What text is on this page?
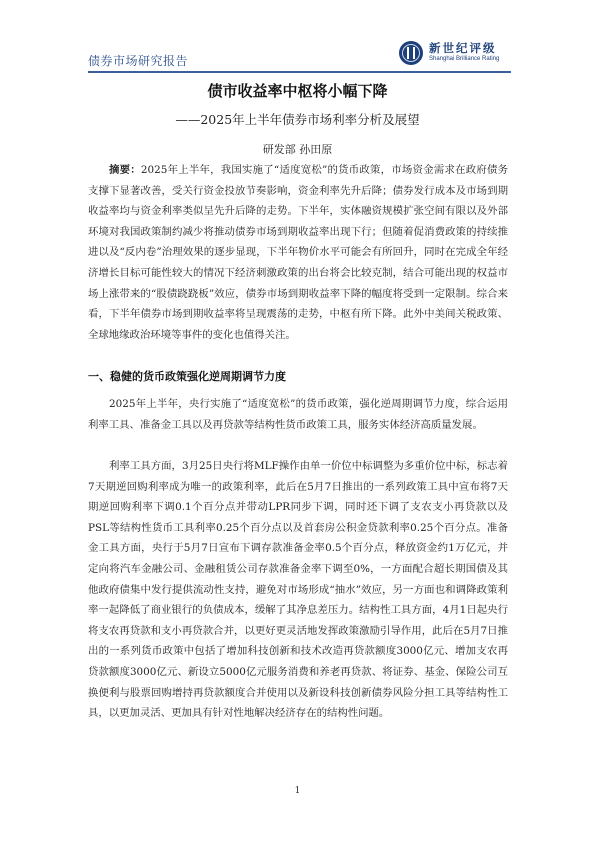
债券市场研究报告
新世纪评级
Shanghai Brilliance Rating
债市收益率中枢将小幅下降
——2025年上半年债券市场利率分析及展望
研发部 孙田原

摘要：2025年上半年，我国实施了“适度宽松”的货币政策，市场资金需求在政府债务支撑下显著改善，受关行资金投放节奏影响，资金利率先升后降；债券发行成本及市场到期收益率均与资金利率类似呈先升后降的走势。下半年，实体融资规模扩张空间有限以及外部环境对我国政策制约减少将推动债券市场到期收益率出现下行；但随着促消费政策的持续推进以及“反内卷”治理效果的逐步显现，下半年物价水平可能会有所回升，同时在完成全年经济增长目标可能性较大的情况下经济刺激政策的出台将会比较克制，结合可能出现的权益市场上涨带来的“股债跷跷板”效应，债券市场到期收益率下降的幅度将受到一定限制。综合来看，下半年债券市场到期收益率将呈现震荡的走势，中枢有所下降。此外中美间关税政策、全球地缘政治环境等事件的变化也值得关注。

一、稳健的货币政策强化逆周期调节力度

2025年上半年，央行实施了“适度宽松”的货币政策，强化逆周期调节力度，综合运用利率工具、准备金工具以及再贷款等结构性货币政策工具，服务实体经济高质量发展。

利率工具方面，3月25日央行将MLF操作由单一价位中标调整为多重价位中标，标志着7天期逆回购利率成为唯一的政策利率，此后在5月7日推出的一系列政策工具中宣布将7天期逆回购利率下调0.1个百分点并带动LPR同步下调，同时还下调了支农支小再贷款以及PSL等结构性货币工具利率0.25个百分点以及首套房公积金贷款利率0.25个百分点。准备金工具方面，央行于5月7日宣布下调存款准备金率0.5个百分点，释放资金约1万亿元，并定向将汽车金融公司、金融租赁公司存款准备金率下调至0%，一方面配合超长期国债及其他政府债集中发行提供流动性支持，避免对市场形成“抽水”效应，另一方面也和调降政策利率一起降低了商业银行的负债成本，缓解了其净息差压力。结构性工具方面，4月1日起央行将支农再贷款和支小再贷款合并，以更好更灵活地发挥政策激励引导作用，此后在5月7日推出的一系列货币政策中包括了增加科技创新和技术改造再贷款额度3000亿元、增加支农再贷款额度3000亿元、新设立5000亿元服务消费和养老再贷款、将证券、基金、保险公司互换便利与股票回购增持再贷款额度合并使用以及新设科技创新债券风险分担工具等结构性工具，以更加灵活、更加具有针对性地解决经济存在的结构性问题。

1
